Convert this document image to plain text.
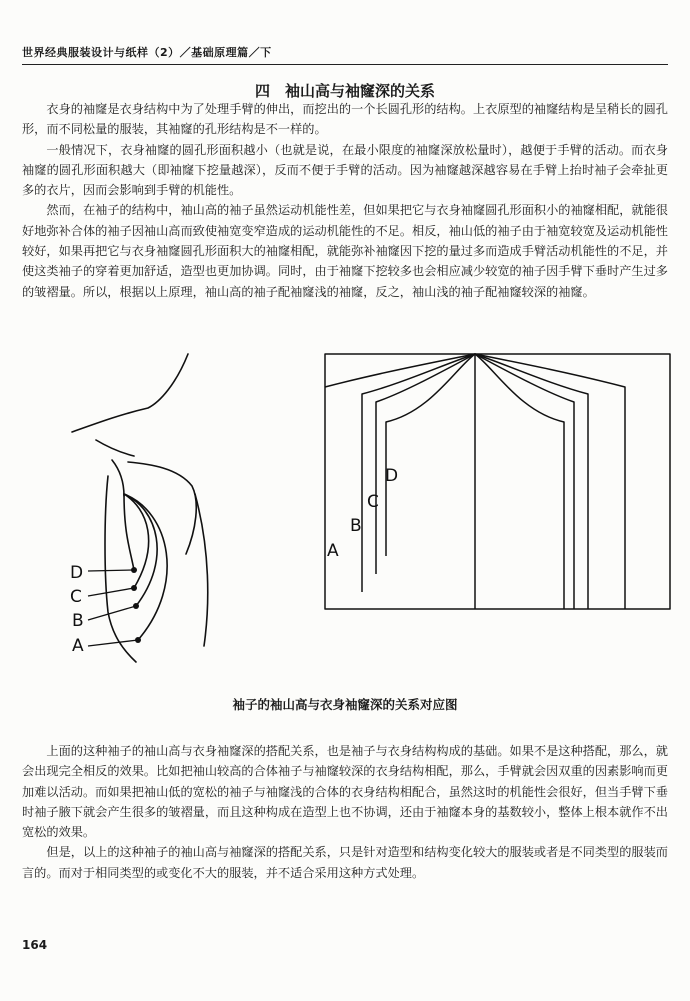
世界经典服装设计与纸样（2）／基础原理篇／下
四　袖山高与袖窿深的关系

衣身的袖窿是衣身结构中为了处理手臂的伸出，而挖出的一个长圆孔形的结构。上衣原型的袖窿结构是呈稍长的圆孔形，而不同松量的服装，其袖窿的孔形结构是不一样的。

一般情况下，衣身袖窿的圆孔形面积越小（也就是说，在最小限度的袖窿深放松量时），越便于手臂的活动。而衣身袖窿的圆孔形面积越大（即袖窿下挖量越深），反而不便于手臂的活动。因为袖窿越深越容易在手臂上抬时袖子会牵扯更多的衣片，因而会影响到手臂的机能性。

然而，在袖子的结构中，袖山高的袖子虽然运动机能性差，但如果把它与衣身袖窿圆孔形面积小的袖窿相配，就能很好地弥补合体的袖子因袖山高而致使袖宽变窄造成的运动机能性的不足。相反，袖山低的袖子由于袖宽较宽及运动机能性较好，如果再把它与衣身袖窿圆孔形面积大的袖窿相配，就能弥补袖窿因下挖的量过多而造成手臂活动机能性的不足，并使这类袖子的穿着更加舒适，造型也更加协调。同时，由于袖窿下挖较多也会相应减少较宽的袖子因手臂下垂时产生过多的皱褶量。所以，根据以上原理，袖山高的袖子配袖窿浅的袖窿，反之，袖山浅的袖子配袖窿较深的袖窿。

D
C
B
A
D
C
B
A
袖子的袖山高与衣身袖窿深的关系对应图

上面的这种袖子的袖山高与衣身袖窿深的搭配关系，也是袖子与衣身结构构成的基础。如果不是这种搭配，那么，就会出现完全相反的效果。比如把袖山较高的合体袖子与袖窿较深的衣身结构相配，那么，手臂就会因双重的因素影响而更加难以活动。而如果把袖山低的宽松的袖子与袖窿浅的合体的衣身结构相配合，虽然这时的机能性会很好，但当手臂下垂时袖子腋下就会产生很多的皱褶量，而且这种构成在造型上也不协调，还由于袖窿本身的基数较小，整体上根本就作不出宽松的效果。

但是，以上的这种袖子的袖山高与袖窿深的搭配关系，只是针对造型和结构变化较大的服装或者是不同类型的服装而言的。而对于相同类型的或变化不大的服装，并不适合采用这种方式处理。

164
